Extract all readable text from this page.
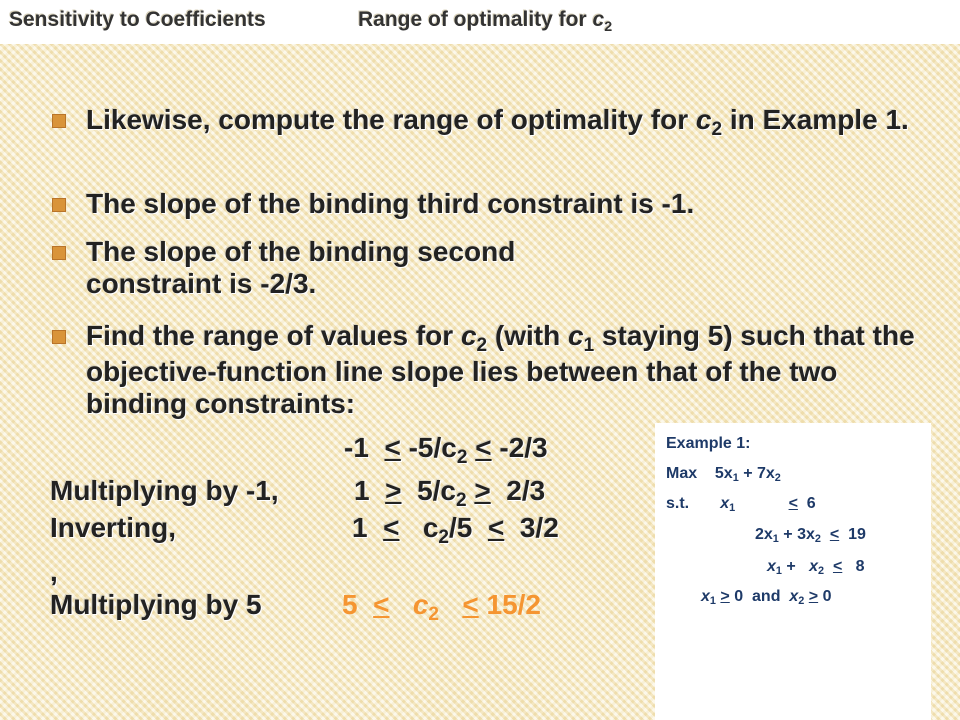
Sensitivity to Coefficients	Range of optimality for $c_2$
Likewise, compute the range of optimality for $c_2$ in Example 1.
The slope of the binding third constraint is -1.
The slope of the binding second
constraint is -2/3.
Find the range of values for $c_2$ (with $c_1$ staying 5) such that the objective-function line slope lies between that of the two binding constraints:
$-1 < -5/c_2 < -2/3$
Multiplying by -1,	$1 > 5/c_2 > 2/3$
Inverting,	$1 < c_2/5 < 3/2$
,
Multiplying by 5	$5 < c_2 < 15/2$
Example 1:
Max $5x_1 + 7x_2$
s.t. $x_1$	< 6
$2x_1 + 3x_2 < 19$
$x_1 + x_2 < 8$
$x_1 > 0$ and $x_2 > 0$
